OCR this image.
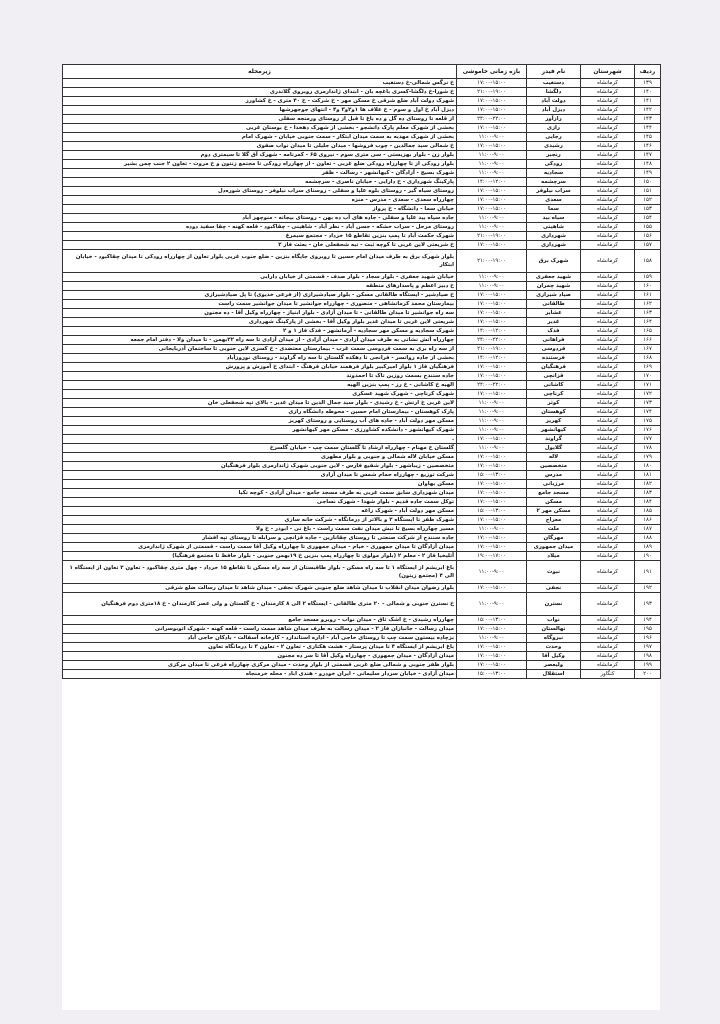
ردیف	شهرستان	نام فیدر	بازه زمانی خاموشی	زیرمحله
۱۳۹	کرمانشاه	دستغیب	۱۷:۰۰-۱۵:۰۰	خ نرگس شمالی-خ دستغیب
۱۴۰	کرمانشاه	دلگشا	۲۱:۰۰-۱۹:۰۰	خ شورا-خ دلگشا-کسری باغچه بان - ابتدای ژاندارمری روبروی گلاندری
۱۴۱	کرمانشاه	دولت آباد	۱۷:۰۰-۱۵:۰۰	شهرک دولت آباد ضلع شرقی خ مسکن مهر - خ شرکت - خ ۴۰ متری - خ کشاورز
۱۴۲	کرمانشاه	دیزل آباد	۱۷:۰۰-۱۵:۰۰	دیزل آباد خ اول و سوم - خ علاف ها ۱و۲و۳ و۴ - انتهای جوجهرشها
۱۴۳	کرمانشاه	رازآور	۲۴:۰۰-۲۲:۰۰	از قلعه تا روستای ده گل و ده باغ تا قبل از روستای ورمنجه سفلی
۱۴۴	کرمانشاه	رازی	۱۷:۰۰-۱۵:۰۰	بخشی از شهرک معلم پارک دانشجو - بخشی از شهرک دهخدا - خ بوستان غربی
۱۴۵	کرمانشاه	رجایی	۱۱:۰۰-۹:۰۰	بخشی از شهرک مهدیه به سمت میدان ابتکار - سمت جنوبی خیابان - شهرک امام
۱۴۶	کرمانشاه	رشیدی	۱۷:۰۰-۱۵:۰۰	خ شمالی سید جمالدین - چوب فروشها - میدان جلیلی تا میدان نواب صفوی
۱۴۷	کرمانشاه	رنجبر	۱۱:۰۰-۹:۰۰	بلوار زن - بلوار بهزیستی - سی متری سوم - نیروی ۶۵ - کمرنامه - شهرک آق گلا تا سیمتری دوم
۱۴۸	کرمانشاه	رودکی	۱۱:۰۰-۹:۰۰	بلوار رودکی از تا چهارراه رودکی ضلع غربی - تعاون - از چهارراه رودکی تا مجتمع زنتون و خ مروت - تعاون ۲ جنب چمن بشیر
۱۴۹	کرمانشاه	سجادیه	۱۱:۰۰-۹:۰۰	شهرک بسیج - آزادگان - کیهانشهر - رسالت - ظفر
۱۵۰	کرمانشاه	سرچشمه	۱۴:۰۰-۱۲:۰۰	پارکینگ شهرداری - خ دارایی - خیابان ناصری - سرچشمه
۱۵۱	کرمانشاه	سراب نیلوفر	۱۷:۰۰-۱۵:۰۰	روستای سیاه گیر - روستای بلوه علیا و سفلی - روستای سراب نیلوفر - روستای شوره‌دل
۱۵۲	کرمانشاه	سعدی	۱۷:۰۰-۱۵:۰۰	چهارراه سعدی - سعدی - مدرس - منزه
۱۵۳	کرمانشاه	سما	۱۷:۰۰-۱۵:۰۰	خیابان سما - دانشگاه - خ پرواز
۱۵۴	کرمانشاه	سیاه بید	۱۱:۰۰-۹:۰۰	جاده سیاه بید علیا و سفلی - جاده های آب ده بهن - روستای بیجانه - منوچهر آباد
۱۵۵	کرمانشاه	شاهینی	۱۱:۰۰-۹:۰۰	روستای مرحل - سراب خشکه - حسن آباد - نظر آباد - شاهینی - چقاکبود - قلعه کهنه - چقا سفید دوده
۱۵۶	کرمانشاه	شهرداری	۲۱:۰۰-۱۹:۰۰	شهرک حکمت آباد تا پمپ بنزین تقاطع ۱۵ خرداد - مجتمع سیمرغ
۱۵۷	کرمانشاه	شهرداری	۱۷:۰۰-۱۵:۰۰	خ شریعتی لاین غربی تا کوچه ثبت - تیه شحفعلی خان - بعثت فاز ۲
۱۵۸	کرمانشاه	شهرک برق	۲۱:۰۰-۱۹:۰۰	بلوار شهرک برق به طرف میدان امام حسین تا روبروی جایگاه بنزین - ضلع جنوب غربی بلوار تعاون از چهارراه رودکی تا میدان چقاکبود - خیابان ابتکار
۱۵۹	کرمانشاه	شهید جعفری	۱۱:۰۰-۹:۰۰	خیابان شهید جعفری - بلوار سجاد - بلوار صدف - قسمتی از خیابان دارایی
۱۶۰	کرمانشاه	شهید چمران	۱۱:۰۰-۹:۰۰	خ دبیر اعظم و پاسدارهای منطقه
۱۶۱	کرمانشاه	صیاد شیرازی	۱۷:۰۰-۱۵:۰۰	خ صیادشیر - ایستگاه طالقانی مسکن - بلوار صیادشیرازی (از فرعی خدیوی) تا پل صیادشیرازی
۱۶۲	کرمانشاه	طالقانی	۱۷:۰۰-۱۵:۰۰	بیمارستان محمد کرمانشاهی - منصوری - چهارراه جوانشیر تا میدان جوانشیر سمت راست
۱۶۳	کرمانشاه	عشایر	۱۷:۰۰-۱۵:۰۰	سه راه جوانشیر تا میدان طالقانی - تا میدان آزادی - بلوار ابنیاز - چهارراه وکیل آقا - ده مجنون
۱۶۴	کرمانشاه	غدیر	۱۷:۰۰-۱۵:۰۰	شریعتی لاین غربی تا میدان غدیر بلوار وکیل آقا - بخشی از پارکینگ شهرداری
۱۶۵	کرمانشاه	فدک	۱۴:۰۰-۱۲:۰۰	شهرک سجادیه و مسکن مهر سجادیه - آرمانشهر - فدک فاز ۱ و ۲
۱۶۶	کرمانشاه	فراهانی	۲۴:۰۰-۲۲:۰۰	چهارراه آتش نشانی به طرف میدان آزادی - میدان آزادی - از میدان آزادی تا سه راه ۲۲بهمن - تا میدان ولا - دفتر امام جمعه
۱۶۷	کرمانشاه	فردوسی	۲۱:۰۰-۱۹:۰۰	از سه راه بری به سمت فردوسی سمت غرب - بیمارستان معتضدی - خ کسری لاین جنوبی تا ساختمان آذربایجانی
۱۶۸	کرمانشاه	فرستنده	۱۴:۰۰-۱۲:۰۰	بخشی از جاده روانسر - فرانجی تا دهکده گلستان تا سه راه گراوند - روستای نوروزآباد
۱۶۹	کرمانشاه	فرهنگیان	۱۷:۰۰-۱۵:۰۰	فرهنگیان فاز ۱ بلوار امیرکبیر بلوار فرهمند خیابان فرهنگ - ابتدای خ آموزش و پرورش
۱۷۰	کرمانشاه	قزانچی	۱۷:۰۰-۱۵:۰۰	جاده سنندج بسمت روزین تاک تا احمدوند
۱۷۱	کرمانشاه	کاشانی	۲۴:۰۰-۲۲:۰۰	الهیه خ کاشانی - خ رز - پمپ بنزین الهیه
۱۷۲	کرمانشاه	کرناچی	۱۷:۰۰-۱۵:۰۰	شهرک کرناچی - شهرک شهید عسکری
۱۷۳	کرمانشاه	کوثر	۱۱:۰۰-۹:۰۰	لاین غربی خ ارتش - خ رشیدی - بلوار سید جمال الدین تا میدان غدیر - بالای تپه شحفعلی خان
۱۷۴	کرمانشاه	کوهستان	۱۱:۰۰-۹:۰۰	پارک کوهستان - بیمارستان امام حسین - محوطه دانشگاه رازی
۱۷۵	کرمانشاه	کهریز	۱۱:۰۰-۹:۰۰	مسکن مهر دولت آباد - جاده های آب روستایی و روستای کهریز
۱۷۶	کرمانشاه	کیهانشهر	۱۱:۰۰-۹:۰۰	شهرک کیهانشهر - دانشکده کشاورزی - مسکن مهر کیهانشهر
۱۷۷	کرمانشاه	گراوند	۱۷:۰۰-۱۵:۰۰	.
۱۷۸	کرمانشاه	گلایول	۱۱:۰۰-۹:۰۰	گلستان خ مهنام - چهارراه ارشاد تا گلستان سمت چپ - خیابان گلسرخ
۱۷۹	کرمانشاه	لاله	۱۷:۰۰-۱۵:۰۰	مسکن خیابان لاله شمالی و جنوبی و بلوار مطهری
۱۸۰	کرمانشاه	متخصصین	۱۷:۰۰-۱۵:۰۰	متخصصین - زیباشهر - بلوار شفیع فارس - لاین جنوبی شهرک ژاندارمری بلوار فرهنگیان
۱۸۱	کرمانشاه	مدرس	۱۵:۰۰-۱۳:۰۰	شرکت توزیع - چهارراه حمام شمس تا میدان آزادی
۱۸۲	کرمانشاه	مرزبانی	۱۷:۰۰-۱۵:۰۰	مسکن بهاوان
۱۸۳	کرمانشاه	مسجد جامع	۱۷:۰۰-۱۵:۰۰	میدان شهرداری سابق سمت غربی به طرف مسجد جامع - میدان آزادی - کوچه تکیا
۱۸۴	کرمانشاه	مسکن	۱۷:۰۰-۱۵:۰۰	توکل سمت جاده قدیم - بلوار شهدا - شهرک نساجی
۱۸۵	کرمانشاه	مسکن مهر ۲	۱۵:۰۰-۱۳:۰۰	مسکن مهر دولت آباد - شهرک زاغه
۱۸۶	کرمانشاه	معراج	۱۷:۰۰-۱۵:۰۰	شهرک ظفر تا ایستگاه ۲ و بالاتر از درمانگاه - شرکت خانه سازی
۱۸۷	کرمانشاه	ملت	۱۱:۰۰-۹:۰۰	مسیر چهارراه بسیج تا نبش میدان نفت سمت راست - باغ نی - ابوذر - خ ولا
۱۸۸	کرمانشاه	مهرگان	۱۷:۰۰-۱۵:۰۰	جاده سنندج از شرکت صنعتی تا روستای چقانارین - جاده قزانچی و سرابله تا روستای تپه افشار
۱۸۹	کرمانشاه	میدان جمهوری	۱۷:۰۰-۱۵:۰۰	میدان آزادگان تا میدان جمهوری - خیام - میدان جمهوری تا چهارراه وکیل آقا سمت راست - قسمتی از شهرک ژاندارمری
۱۹۰	کرمانشاه	میلاد	۱۹:۰۰-۱۷:۰۰	آتلیخیا فاز ۲ - معلم ۲ (بلوار مولوی تا چهارراه پمپ بنزین خ ۱۹بهمن جنوبی - بلوار حافظ تا مجتمع فرهنگیا)
۱۹۱	کرمانشاه	نبوت	۱۱:۰۰-۹:۰۰	باغ ابریشم از ایستگاه ۱ تا سه راه مسکن - بلوار طاقبستان از سه راه مسکن تا تقاطع ۱۵ خرداد - چهل متری چقاکبود - تعاون ۲ تعاون از ایستگاه ۱ الی ۴ (مجتمع زیتون)
۱۹۲	کرمانشاه	نجفی	۱۷:۰۰-۱۵:۰۰	بلوار رضوان میدان انقلاب تا میدان شاهد ضلع جنوبی شهرک نجفی - میدان شاهد تا میدان رسالت ضلع شرقی
۱۹۳	کرمانشاه	نسترن	۱۱:۰۰-۹:۰۰	خ نسترن جنوبی و شمالی - ۲۰ متری طالقانی - ایستگاه ۲ الی ۸ کارمندان - خ گلستان و ولی عصر کارمندان - خ ۱۸متری دوم فرهنگیان
۱۹۴	کرمانشاه	نواب	۱۵:۰۰-۱۳:۰۰	چهارراه رشیدی - خ اشک تاق - میدان نواب - روبرو مسجد جامع
۱۹۵	کرمانشاه	نهالستان	۱۷:۰۰-۱۵:۰۰	میدان رسالت - جانبازان فاز ۲ - میدان رسالت به طرف میدان شاهد سمت راست - قلعه کهنه - شهرک اتوبوسرانی
۱۹۶	کرمانشاه	نیروگاه	۱۱:۰۰-۹:۰۰	بزچاده بیستون سمت چپ تا روستای حاجی آباد - اداره استاندارد - کارخانه آسفالت - بادکان حاجی آباد
۱۹۷	کرمانشاه	وحدت	۱۷:۰۰-۱۵:۰۰	باغ ابریشم از ایستگاه ۴ تا میدان پرستار - هشت هکتاری - تعاون ۲ - تعاون ۳ تا درمانگاه تعاون
۱۹۸	کرمانشاه	وکیل آقا	۱۷:۰۰-۱۵:۰۰	میدان آزادگان - میدان جمهوری - چهارراه وکیل آقا تا سر ده مجنون
۱۹۹	کرمانشاه	ولیعصر	۱۷:۰۰-۱۵:۰۰	بلوار ظفر جنوبی و شمالی ضلع غربی قسمتی از بلوار وحدت - میدان مرکزی چهارراه فرعی تا میدان مرکزی
۲۰۰	کنگاور	استقلال	۱۵:۰۰-۱۳:۰۰	میدان آزادی - خیابان سردار سلیمانی - ایران خودرو - هندی اباد - محله خرمنجاه
